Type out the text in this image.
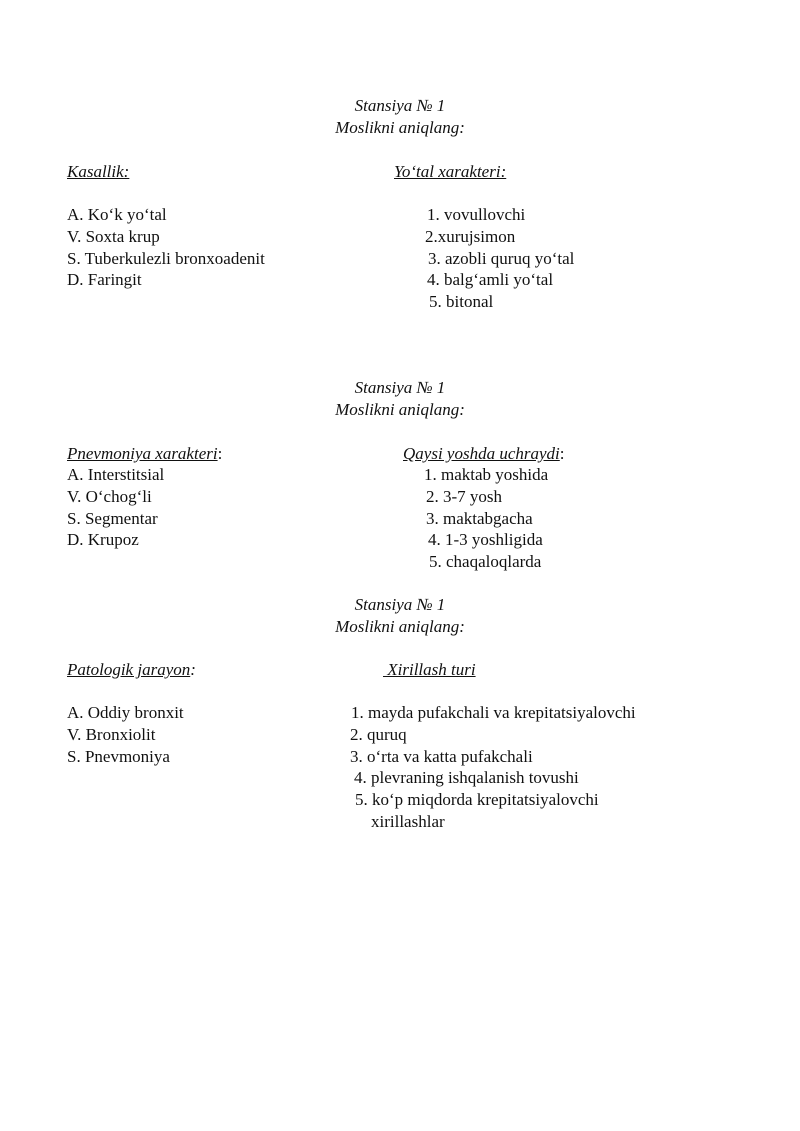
Stansiya № 1
Moslikni aniqlang:
Kasallik:	Yo‘tal xarakteri:
A. Ko‘k yo‘tal
V. Soxta krup
S. Tuberkulezli bronxoadenit
D. Faringit
1. vovullovchi
2.xurujsimon
3. azobli quruq yo‘tal
4. balg‘amli yo‘tal
5. bitonal
Stansiya № 1
Moslikni aniqlang:
Pnevmoniya xarakteri:	Qaysi yoshda uchraydi:
A. Interstitsial
V. O‘chog‘li
S. Segmentar
D. Krupoz
1. maktab yoshida
2. 3-7 yosh
3. maktabgacha
4. 1-3 yoshligida
5. chaqaloqlarda
Stansiya № 1
Moslikni aniqlang:
Patologik jarayon:	Xirillash turi
A. Oddiy bronxit
V. Bronxiolit
S. Pnevmoniya
1. mayda pufakchali va krepitatsiyalovchi
2. quruq
3. o‘rta va katta pufakchali
4. plevraning ishqalanish tovushi
5. ko‘p miqdorda krepitatsiyalovchi
xirillashlar
